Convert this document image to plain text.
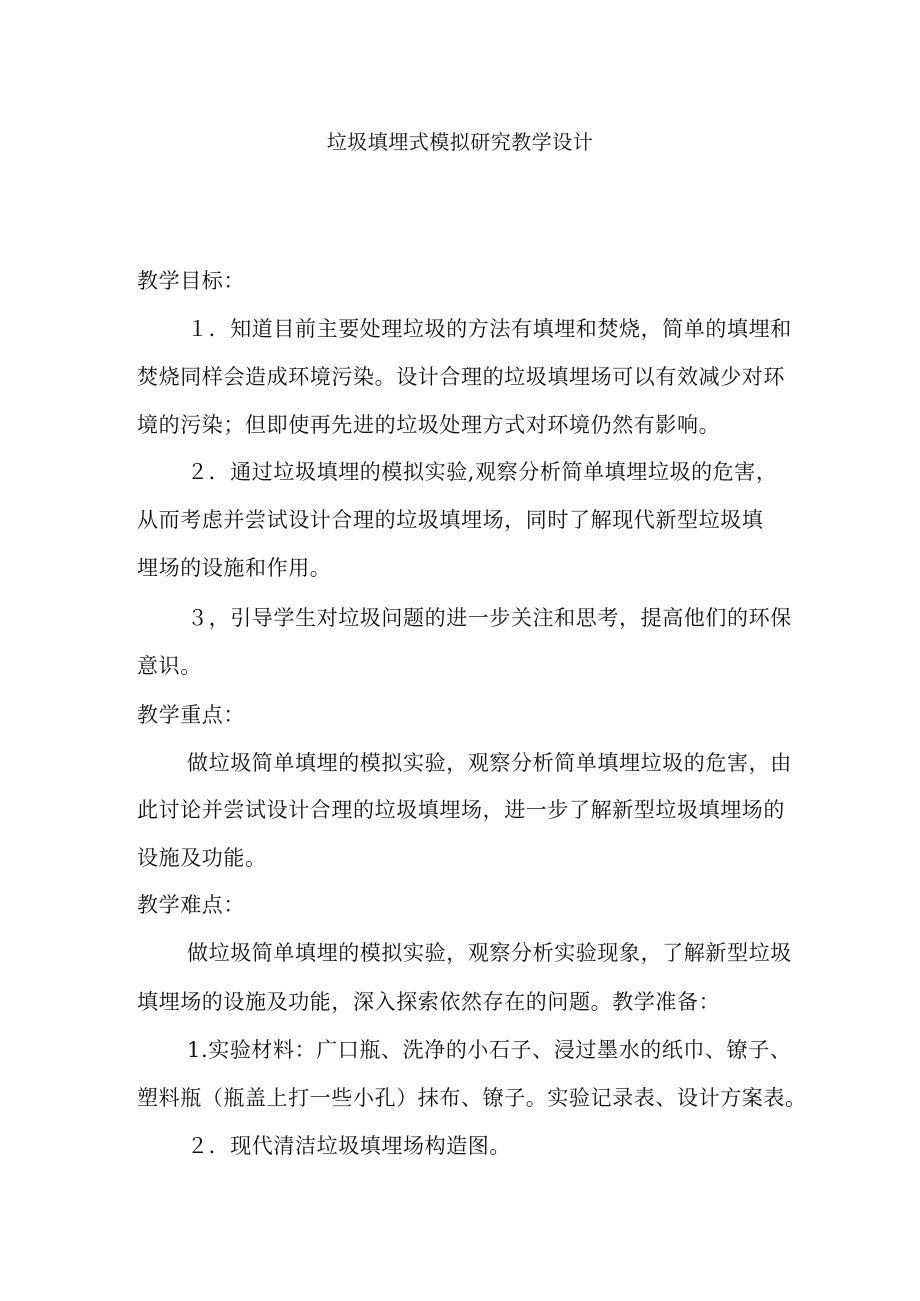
垃圾填埋式模拟研究教学设计
教学目标：
１．知道目前主要处理垃圾的方法有填埋和焚烧，简单的填埋和
焚烧同样会造成环境污染。设计合理的垃圾填埋场可以有效减少对环
境的污染；但即使再先进的垃圾处理方式对环境仍然有影响。
２．通过垃圾填埋的模拟实验,观察分析简单填埋垃圾的危害，
从而考虑并尝试设计合理的垃圾填埋场，同时了解现代新型垃圾填
埋场的设施和作用。
３，引导学生对垃圾问题的进一步关注和思考，提高他们的环保
意识。
教学重点：
做垃圾简单填埋的模拟实验，观察分析简单填埋垃圾的危害，由
此讨论并尝试设计合理的垃圾填埋场，进一步了解新型垃圾填埋场的
设施及功能。
教学难点：
做垃圾简单填埋的模拟实验，观察分析实验现象，了解新型垃圾
填埋场的设施及功能，深入探索依然存在的问题。教学准备：
1.实验材料：广口瓶、洗净的小石子、浸过墨水的纸巾、镣子、
塑料瓶（瓶盖上打一些小孔）抹布、镣子。实验记录表、设计方案表。
２．现代清洁垃圾填埋场构造图。
